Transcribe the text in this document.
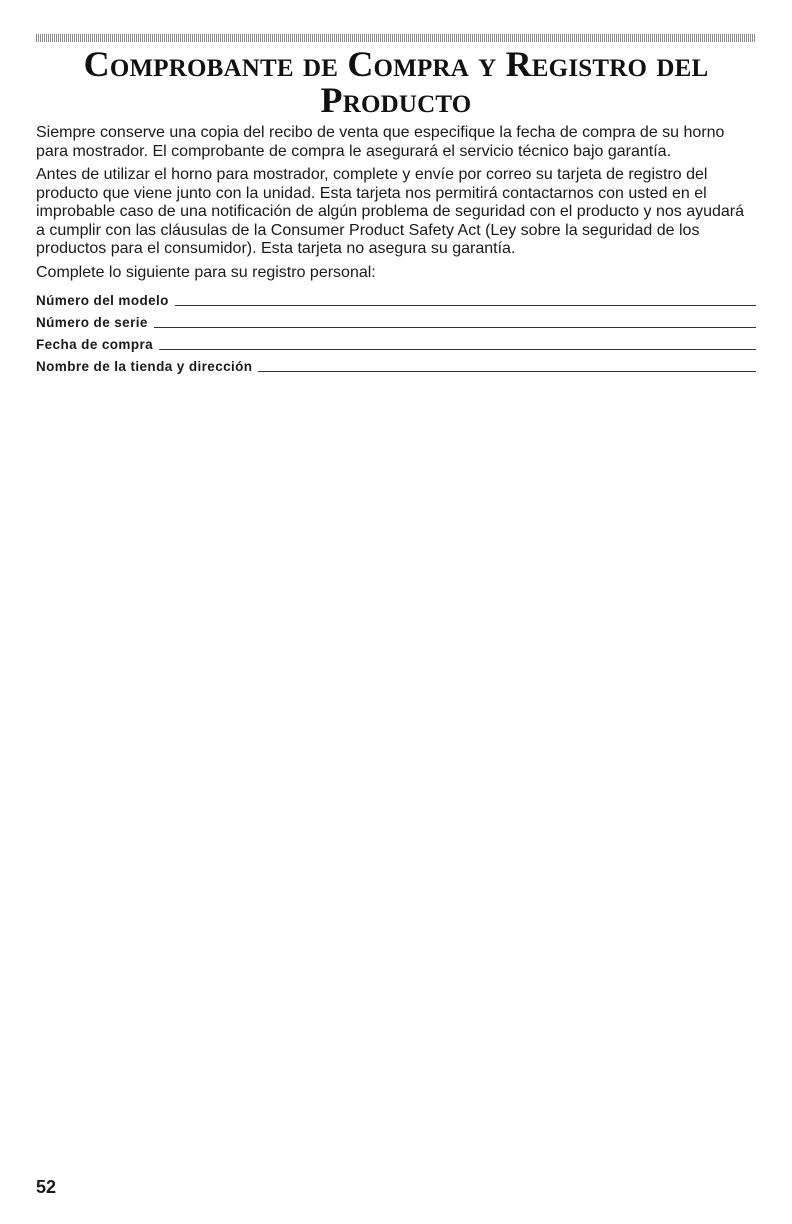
Comprobante de Compra y Registro del Producto

Siempre conserve una copia del recibo de venta que especifique la fecha de compra de su horno para mostrador. El comprobante de compra le asegurará el servicio técnico bajo garantía.

Antes de utilizar el horno para mostrador, complete y envíe por correo su tarjeta de registro del producto que viene junto con la unidad. Esta tarjeta nos permitirá contactarnos con usted en el improbable caso de una notificación de algún problema de seguridad con el producto y nos ayudará a cumplir con las cláusulas de la Consumer Product Safety Act (Ley sobre la seguridad de los productos para el consumidor). Esta tarjeta no asegura su garantía.

Complete lo siguiente para su registro personal:

Número del modelo
Número de serie
Fecha de compra
Nombre de la tienda y dirección
52
